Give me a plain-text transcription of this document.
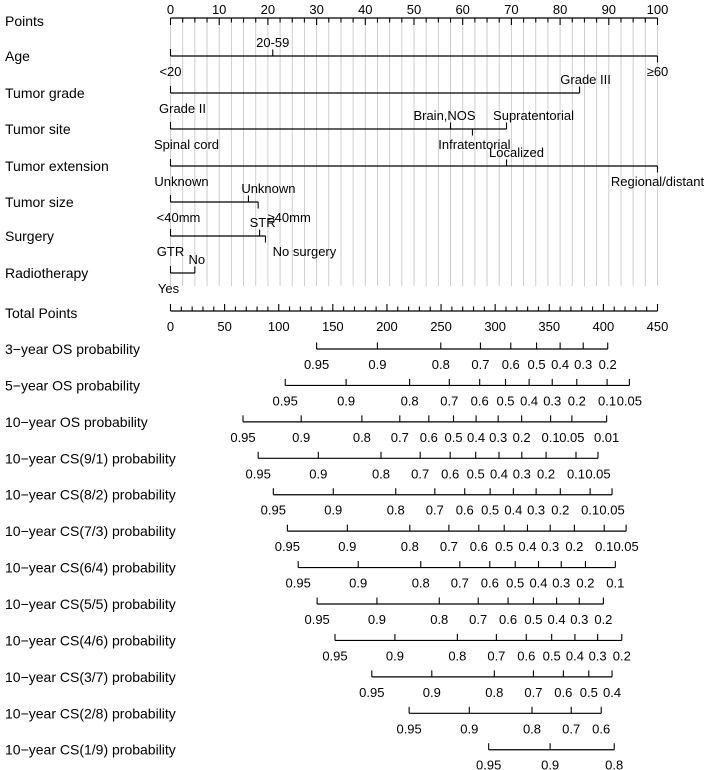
0	10	20	30	40	50	60	70	80	90 100
Points
Age
<20
20-59
≥60
Tumor grade
Grade II
Grade III
Tumor site
Spinal cord
Brain,NOS
Infratentorial
Supratentorial
Tumor extension
Unknown
Localized
Regional/distant
Tumor size
<40mm
Unknown
≥40mm
Surgery
GTR
STR
No surgery
Radiotherapy
Yes
No
0	50	100 150 200 250 300 350 400 450
Total Points
3−year OS probability
0.95	0.9	0.8 0.7 0.6 0.5 0.4 0.3 0.2
5−year OS probability
0.95	0.9	0.8 0.7 0.6 0.5 0.4 0.3 0.2 0.1 0.05
10−year OS probability
0.95	0.9	0.8 0.7 0.6 0.5 0.4 0.3 0.2 0.1 0.05 0.01
10−year CS(9/1) probability
0.95	0.9	0.8 0.7 0.6 0.5 0.4 0.3 0.2 0.1 0.05
10−year CS(8/2) probability
0.95	0.9	0.8 0.7 0.6 0.5 0.4 0.3 0.2 0.1 0.05
10−year CS(7/3) probability
0.95	0.9	0.8 0.7 0.6 0.5 0.4 0.3 0.2 0.1 0.05
10−year CS(6/4) probability
0.95	0.9	0.8 0.7 0.6 0.5 0.4 0.3 0.2 0.1
10−year CS(5/5) probability
0.95	0.9	0.8 0.7 0.6 0.5 0.4 0.3 0.2
10−year CS(4/6) probability
0.95	0.9	0.8 0.7 0.6 0.5 0.4 0.3 0.2
10−year CS(3/7) probability
0.95	0.9	0.8 0.7 0.6 0.5 0.4
10−year CS(2/8) probability
0.95	0.9	0.8 0.7 0.6
10−year CS(1/9) probability
0.95	0.9	0.8
